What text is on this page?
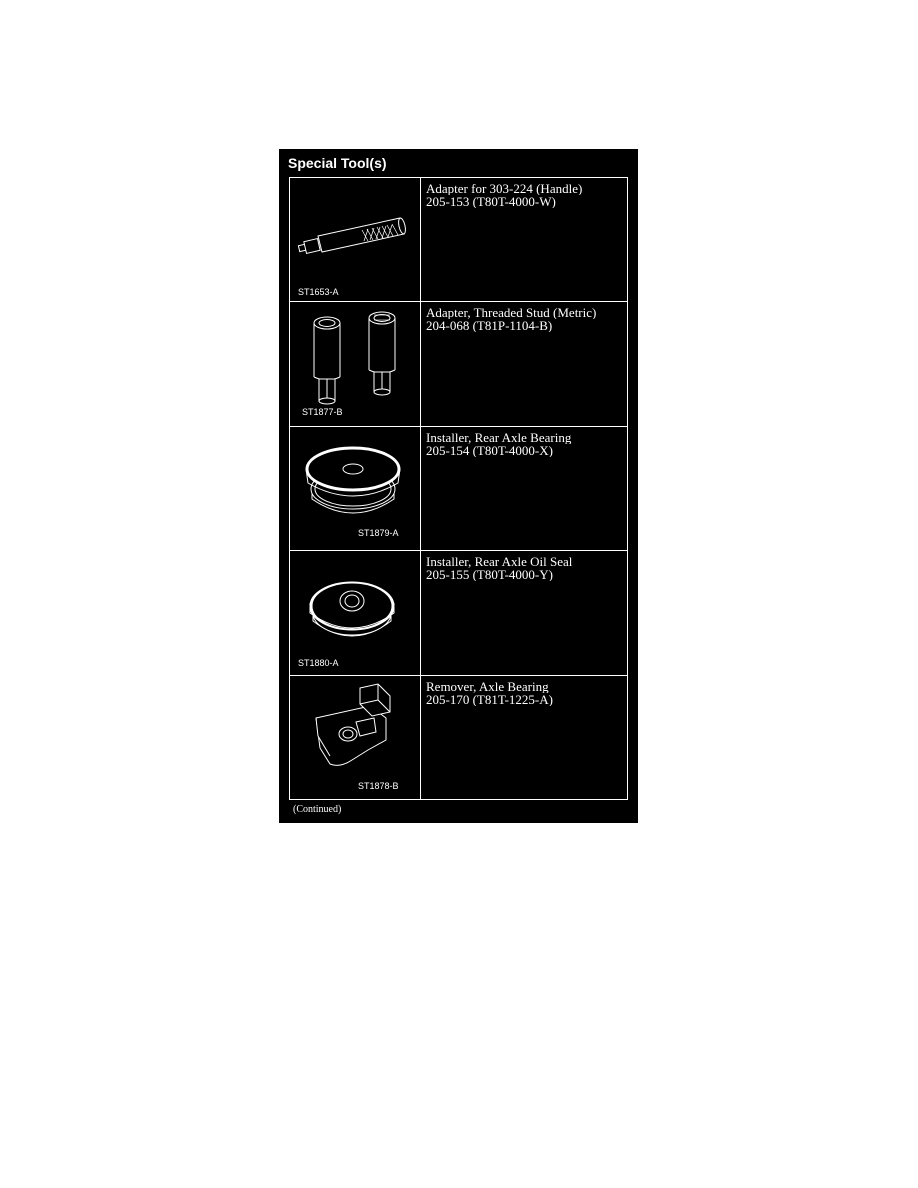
Special Tool(s)
ST1653-A	Adapter for 303-224 (Handle)
205-153 (T80T-4000-W)

ST1877-B	Adapter, Threaded Stud (Metric)
204-068 (T81P-1104-B)

ST1879-A	Installer, Rear Axle Bearing
205-154 (T80T-4000-X)

ST1880-A	Installer, Rear Axle Oil Seal
205-155 (T80T-4000-Y)

ST1878-B	Remover, Axle Bearing
205-170 (T81T-1225-A)
(Continued)
